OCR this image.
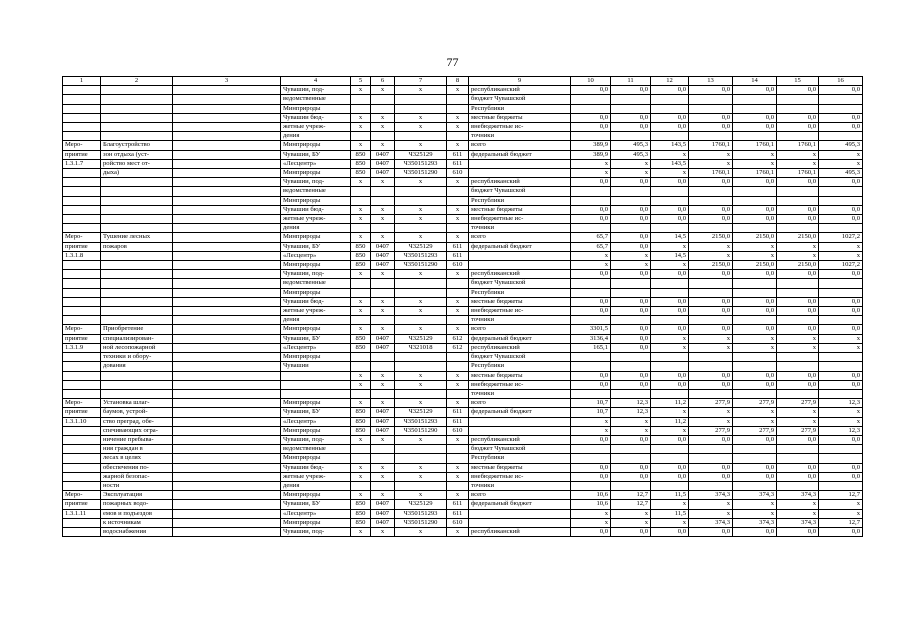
77
1	2	3	4	5	6	7	8	9	10	11	12	13	14	15	16
			Чувашии, под-	х	х	х	х	республиканский	0,0	0,0	0,0	0,0	0,0	0,0	0,0
			ведомственные					бюджет Чувашской							
			Минприроды					Республики							
			Чувашии бюд-	х	х	х	х	местные бюджеты	0,0	0,0	0,0	0,0	0,0	0,0	0,0
			жетные учреж-	х	х	х	х	внебюджетные ис-	0,0	0,0	0,0	0,0	0,0	0,0	0,0
			дения					точники							
Меро-	Благоустройство		Минприроды	х	х	х	х	всего	389,9	495,3	143,5	1760,1	1760,1	1760,1	495,3
приятие	зон отдыха (уст-		Чувашии, БУ	850	0407	Ч325129	611	федеральный бюджет	389,9	495,3	х	х	х	х	х
1.3.1.7	ройство мест от-		«Лесцентр»	850	0407	Ч350151293	611		х	х	143,5	х	х	х	х
	дыха)		Минприроды	850	0407	Ч350151290	610		х	х	х	1760,1	1760,1	1760,1	495,3
			Чувашии, под-	х	х	х	х	республиканский	0,0	0,0	0,0	0,0	0,0	0,0	0,0
			ведомственные					бюджет Чувашской							
			Минприроды					Республики							
			Чувашии бюд-	х	х	х	х	местные бюджеты	0,0	0,0	0,0	0,0	0,0	0,0	0,0
			жетные учреж-	х	х	х	х	внебюджетные ис-	0,0	0,0	0,0	0,0	0,0	0,0	0,0
			дения					точники							
Меро-	Тушение лесных		Минприроды	х	х	х	х	всего	65,7	0,0	14,5	2150,0	2150,0	2150,0	1027,2
приятие	пожаров		Чувашии, БУ	850	0407	Ч325129	611	федеральный бюджет	65,7	0,0	х	х	х	х	х
1.3.1.8			«Лесцентр»	850	0407	Ч350151293	611		х	х	14,5	х	х	х	х
			Минприроды	850	0407	Ч350151290	610		х	х	х	2150,0	2150,0	2150,0	1027,2
			Чувашии, под-	х	х	х	х	республиканский	0,0	0,0	0,0	0,0	0,0	0,0	0,0
			ведомственные					бюджет Чувашской							
			Минприроды					Республики							
			Чувашии бюд-	х	х	х	х	местные бюджеты	0,0	0,0	0,0	0,0	0,0	0,0	0,0
			жетные учреж-	х	х	х	х	внебюджетные ис-	0,0	0,0	0,0	0,0	0,0	0,0	0,0
			дения					точники							
Меро-	Приобретение		Минприроды	х	х	х	х	всего	3301,5	0,0	0,0	0,0	0,0	0,0	0,0
приятие	специализирован-		Чувашии, БУ	850	0407	Ч325129	612	федеральный бюджет	3136,4	0,0	х	х	х	х	х
1.3.1.9	ной лесопожарной		«Лесцентр»	850	0407	Ч321018	612	республиканский	165,1	0,0	х	х	х	х	х
	техники и обору-		Минприроды					бюджет Чувашской							
	дования		Чувашии					Республики							
				х	х	х	х	местные бюджеты	0,0	0,0	0,0	0,0	0,0	0,0	0,0
				х	х	х	х	внебюджетные ис-	0,0	0,0	0,0	0,0	0,0	0,0	0,0
								точники							
Меро-	Установка шлаг-		Минприроды	х	х	х	х	всего	10,7	12,3	11,2	277,9	277,9	277,9	12,3
приятие	баумов, устрой-		Чувашии, БУ	850	0407	Ч325129	611	федеральный бюджет	10,7	12,3	х	х	х	х	х
1.3.1.10	ство преград, обе-		«Лесцентр»	850	0407	Ч350151293	611		х	х	11,2	х	х	х	х
	спечивающих огра-		Минприроды	850	0407	Ч350151290	610		х	х	х	277,9	277,9	277,9	12,3
	ничение пребыва-		Чувашии, под-	х	х	х	х	республиканский	0,0	0,0	0,0	0,0	0,0	0,0	0,0
	ния граждан в		ведомственные					бюджет Чувашской							
	лесах в целях		Минприроды					Республики							
	обеспечения по-		Чувашии бюд-	х	х	х	х	местные бюджеты	0,0	0,0	0,0	0,0	0,0	0,0	0,0
	жарной безопас-		жетные учреж-	х	х	х	х	внебюджетные ис-	0,0	0,0	0,0	0,0	0,0	0,0	0,0
	ности		дения					точники							
Меро-	Эксплуатация		Минприроды	х	х	х	х	всего	10,6	12,7	11,5	374,3	374,3	374,3	12,7
приятие	пожарных водо-		Чувашии, БУ	850	0407	Ч325129	611	федеральный бюджет	10,6	12,7	х	х	х	х	х
1.3.1.11	емов и подъездов		«Лесцентр»	850	0407	Ч350151293	611		х	х	11,5	х	х	х	х
	к источникам		Минприроды	850	0407	Ч350151290	610		х	х	х	374,3	374,3	374,3	12,7
	водоснабжения		Чувашии, под-	х	х	х	х	республиканский	0,0	0,0	0,0	0,0	0,0	0,0	0,0
